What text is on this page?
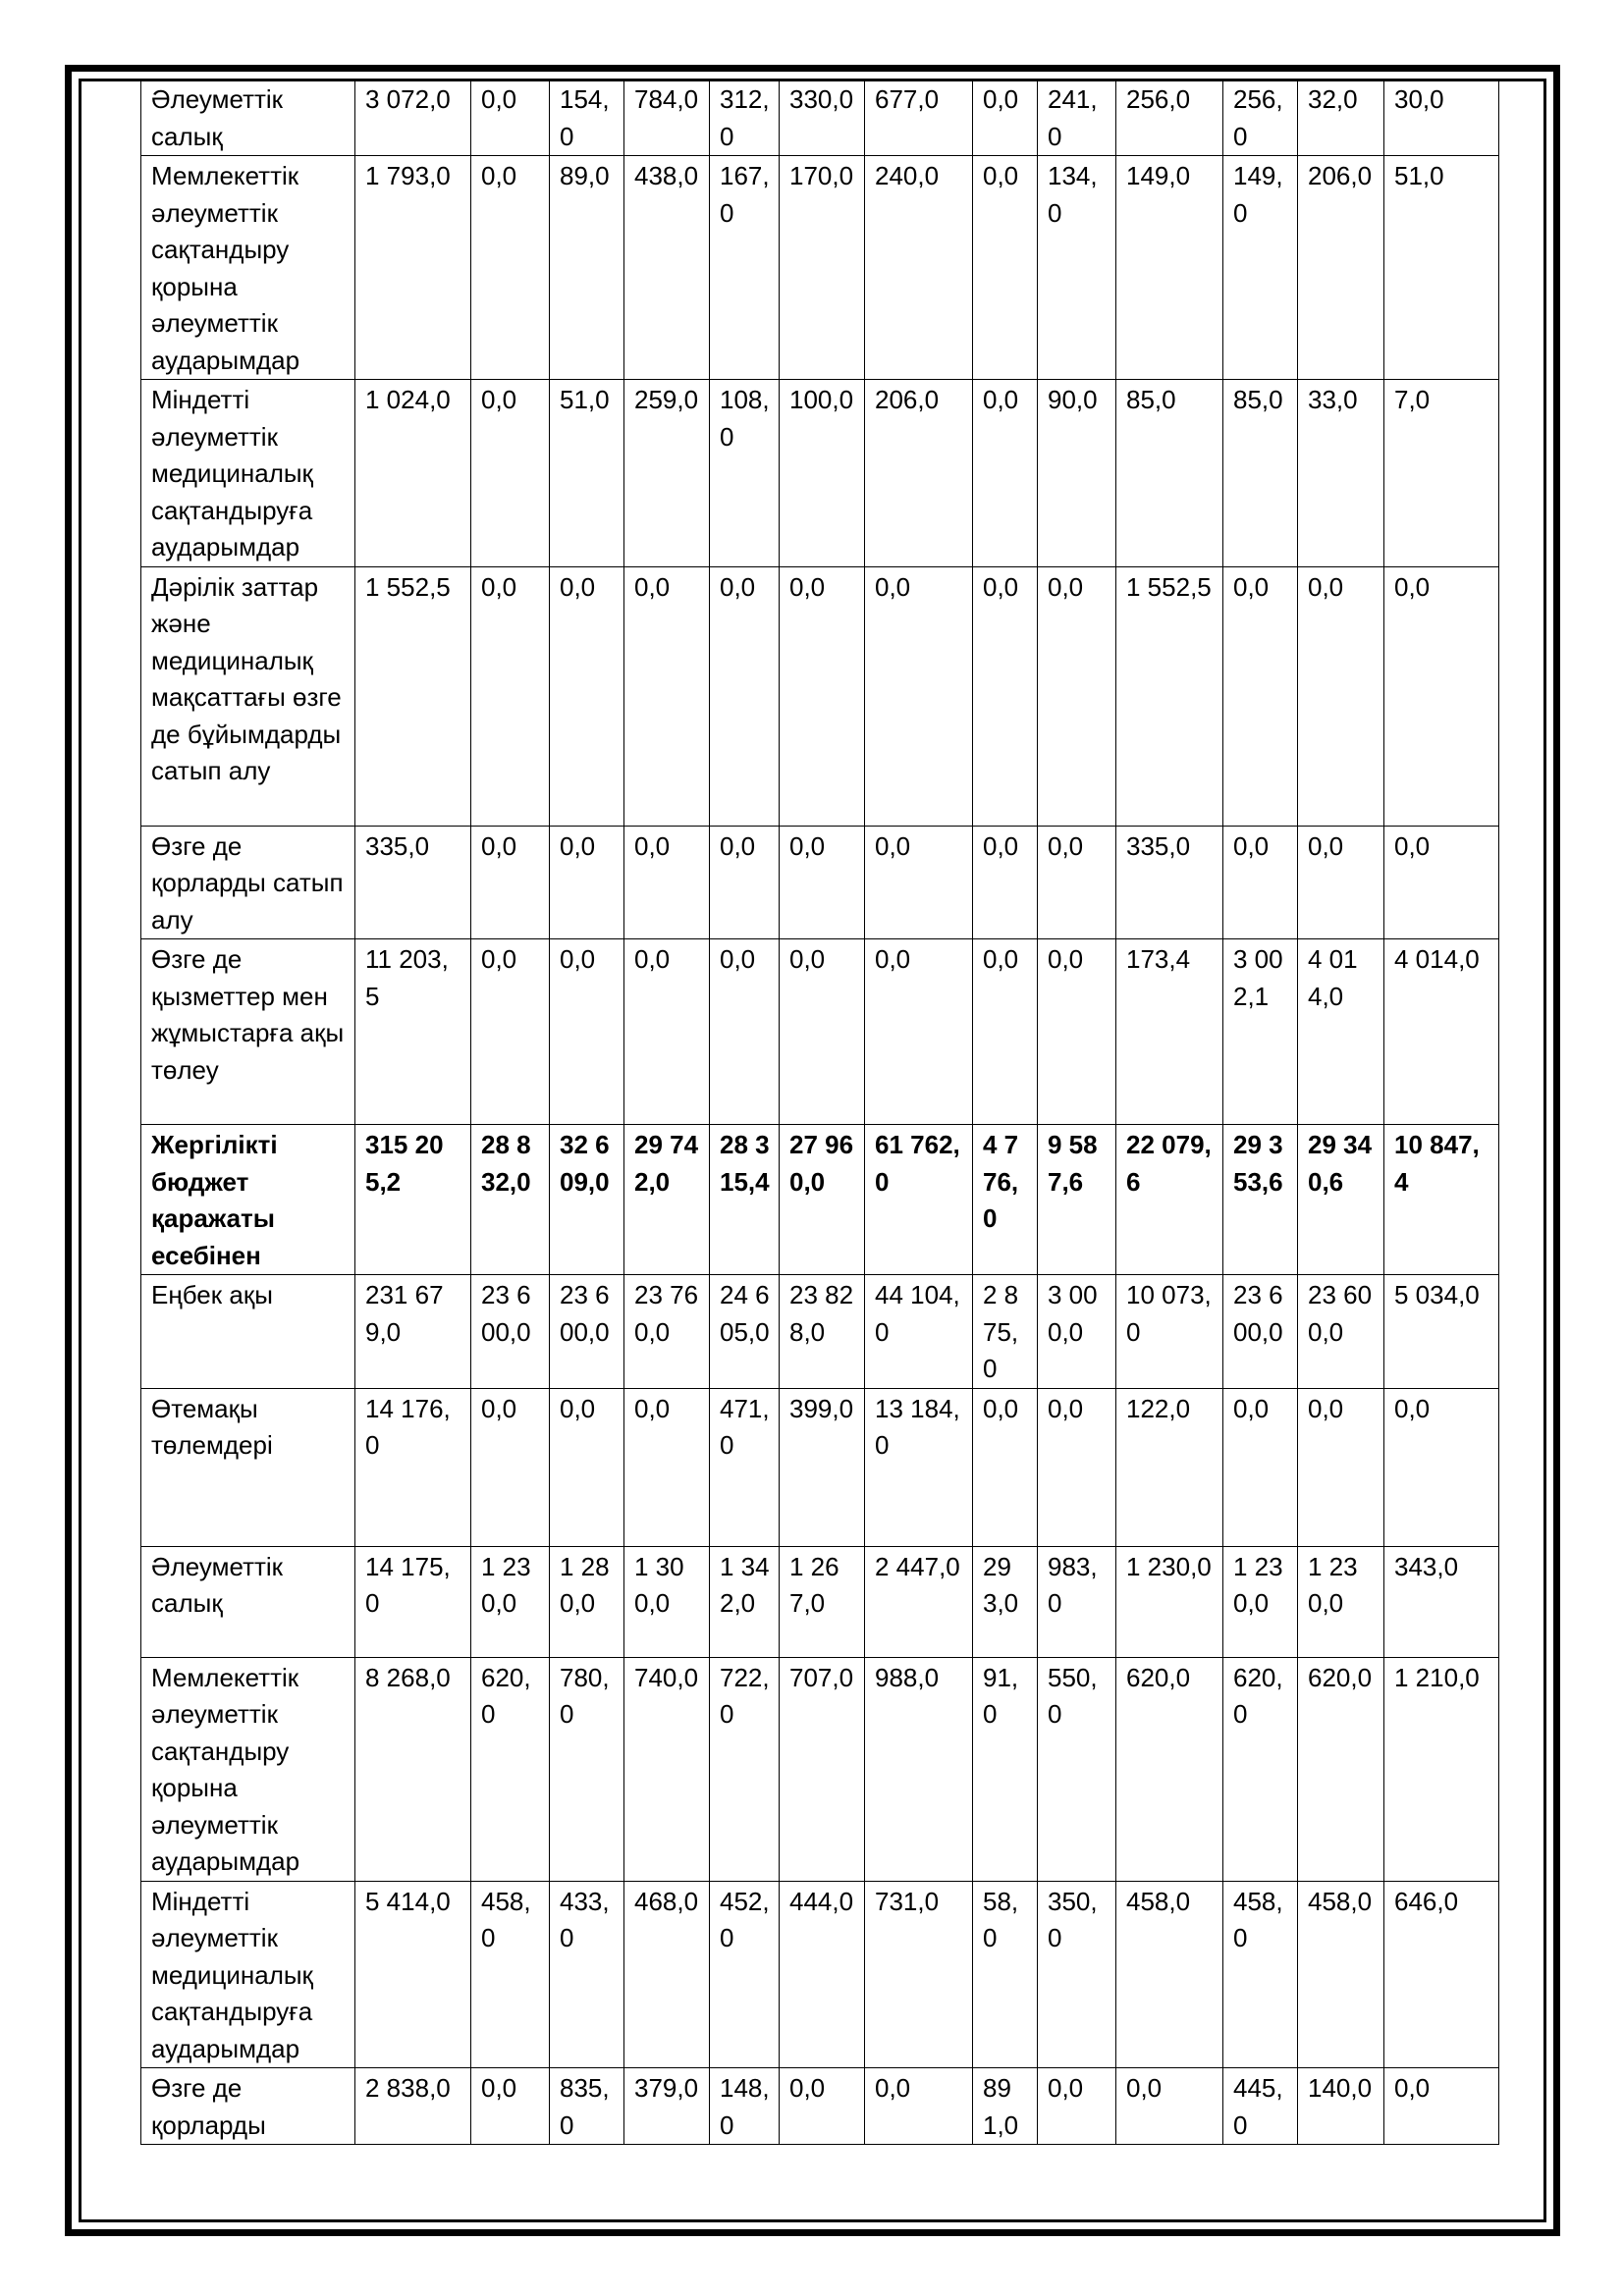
Әлеуметтік салық	3 072,0	0,0	154,0	784,0	312,0	330,0	677,0	0,0	241,0	256,0	256,0	32,0	30,0
Мемлекеттік әлеуметтік сақтандыру қорына әлеуметтік аударымдар	1 793,0	0,0	89,0	438,0	167,0	170,0	240,0	0,0	134,0	149,0	149,0	206,0	51,0
Міндетті әлеуметтік медициналық сақтандыруға аударымдар	1 024,0	0,0	51,0	259,0	108,0	100,0	206,0	0,0	90,0	85,0	85,0	33,0	7,0
Дәрілік заттар және медициналық мақсаттағы өзге де бұйымдарды сатып алу	1 552,5	0,0	0,0	0,0	0,0	0,0	0,0	0,0	0,0	1 552,5	0,0	0,0	0,0
Өзге де қорларды сатып алу	335,0	0,0	0,0	0,0	0,0	0,0	0,0	0,0	0,0	335,0	0,0	0,0	0,0
Өзге де қызметтер мен жұмыстарға ақы төлеу	11 203,5	0,0	0,0	0,0	0,0	0,0	0,0	0,0	0,0	173,4	3 002,1	4 014,0	4 014,0
Жергілікті бюджет қаражаты есебінен	315 205,2	28 832,0	32 609,0	29 742,0	28 315,4	27 960,0	61 762,0	4 776,0	9 587,6	22 079,6	29 353,6	29 340,6	10 847,4
Еңбек ақы	231 679,0	23 600,0	23 600,0	23 760,0	24 605,0	23 828,0	44 104,0	2 875,0	3 000,0	10 073,0	23 600,0	23 600,0	5 034,0
Өтемақы төлемдері	14 176,0	0,0	0,0	0,0	471,0	399,0	13 184,0	0,0	0,0	122,0	0,0	0,0	0,0
Әлеуметтік салық	14 175,0	1 230,0	1 280,0	1 300,0	1 342,0	1 267,0	2 447,0	293,0	983,0	1 230,0	1 230,0	1 230,0	343,0
Мемлекеттік әлеуметтік сақтандыру қорына әлеуметтік аударымдар	8 268,0	620,0	780,0	740,0	722,0	707,0	988,0	91,0	550,0	620,0	620,0	620,0	1 210,0
Міндетті әлеуметтік медициналық сақтандыруға аударымдар	5 414,0	458,0	433,0	468,0	452,0	444,0	731,0	58,0	350,0	458,0	458,0	458,0	646,0
Өзге де қорларды	2 838,0	0,0	835,0	379,0	148,0	0,0	0,0	891,0	0,0	0,0	445,0	140,0	0,0
